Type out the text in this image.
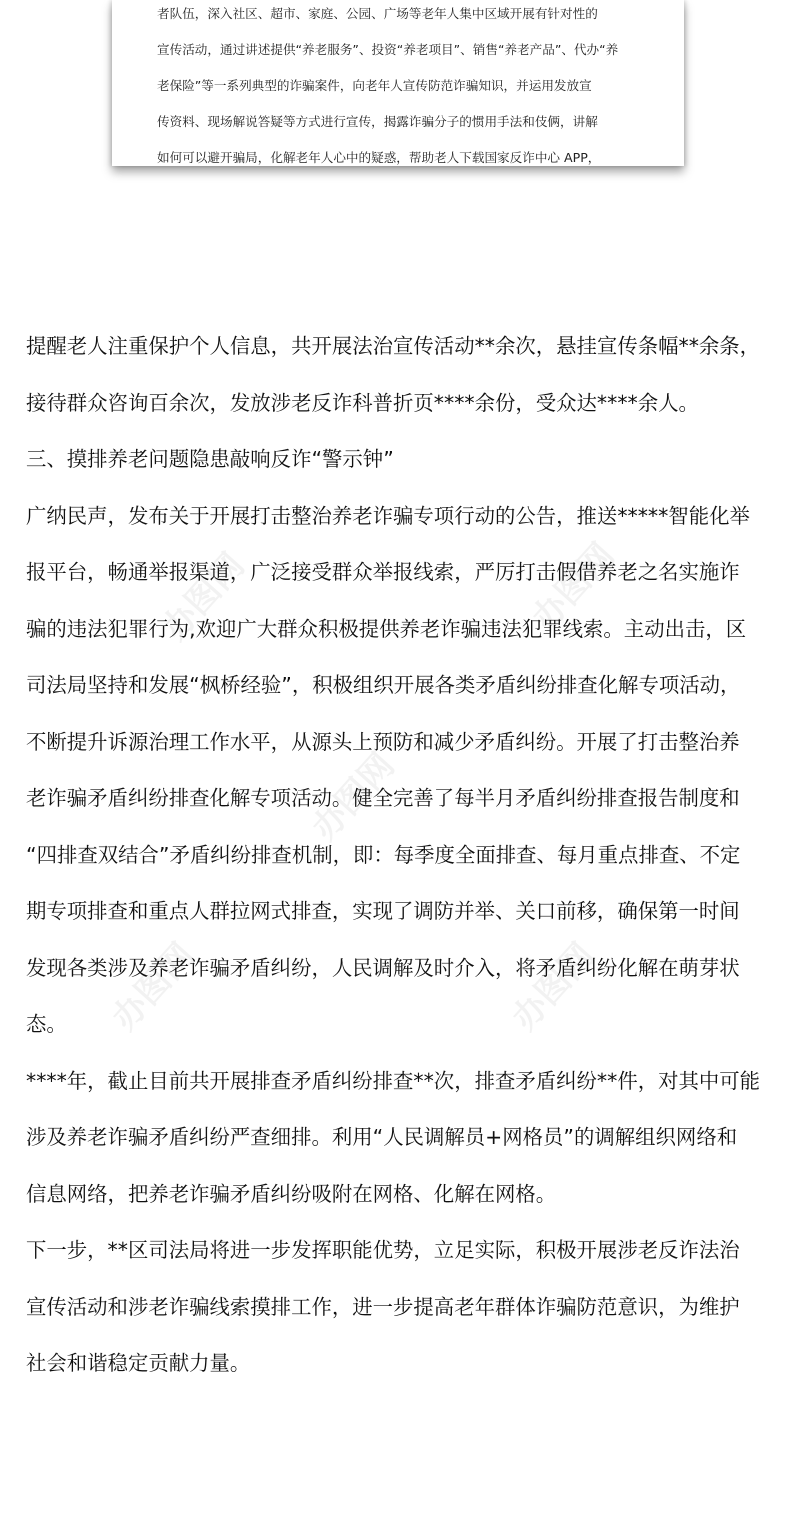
者队伍，深入社区、超市、家庭、公园、广场等老年人集中区域开展有针对性的
宣传活动，通过讲述提供“养老服务”、投资“养老项目”、销售“养老产品”、代办“养
老保险”等一系列典型的诈骗案件，向老年人宣传防范诈骗知识，并运用发放宣
传资料、现场解说答疑等方式进行宣传，揭露诈骗分子的惯用手法和伎俩，讲解
如何可以避开骗局，化解老年人心中的疑惑，帮助老人下载国家反诈中心 APP，
办图网	办图网
办图网
办图网	办图网
提醒老人注重保护个人信息，共开展法治宣传活动**余次，悬挂宣传条幅**余条，
接待群众咨询百余次，发放涉老反诈科普折页****余份，受众达****余人。
三、摸排养老问题隐患敲响反诈“警示钟”
广纳民声，发布关于开展打击整治养老诈骗专项行动的公告，推送*****智能化举
报平台，畅通举报渠道，广泛接受群众举报线索，严厉打击假借养老之名实施诈
骗的违法犯罪行为,欢迎广大群众积极提供养老诈骗违法犯罪线索。主动出击，区
司法局坚持和发展“枫桥经验”，积极组织开展各类矛盾纠纷排查化解专项活动，
不断提升诉源治理工作水平，从源头上预防和减少矛盾纠纷。开展了打击整治养
老诈骗矛盾纠纷排查化解专项活动。健全完善了每半月矛盾纠纷排查报告制度和
“四排查双结合”矛盾纠纷排查机制，即：每季度全面排查、每月重点排查、不定
期专项排查和重点人群拉网式排查，实现了调防并举、关口前移，确保第一时间
发现各类涉及养老诈骗矛盾纠纷，人民调解及时介入，将矛盾纠纷化解在萌芽状
态。
****年，截止目前共开展排查矛盾纠纷排查**次，排查矛盾纠纷**件，对其中可能
涉及养老诈骗矛盾纠纷严查细排。利用“人民调解员+网格员”的调解组织网络和
信息网络，把养老诈骗矛盾纠纷吸附在网格、化解在网格。
下一步，**区司法局将进一步发挥职能优势，立足实际，积极开展涉老反诈法治
宣传活动和涉老诈骗线索摸排工作，进一步提高老年群体诈骗防范意识，为维护
社会和谐稳定贡献力量。
